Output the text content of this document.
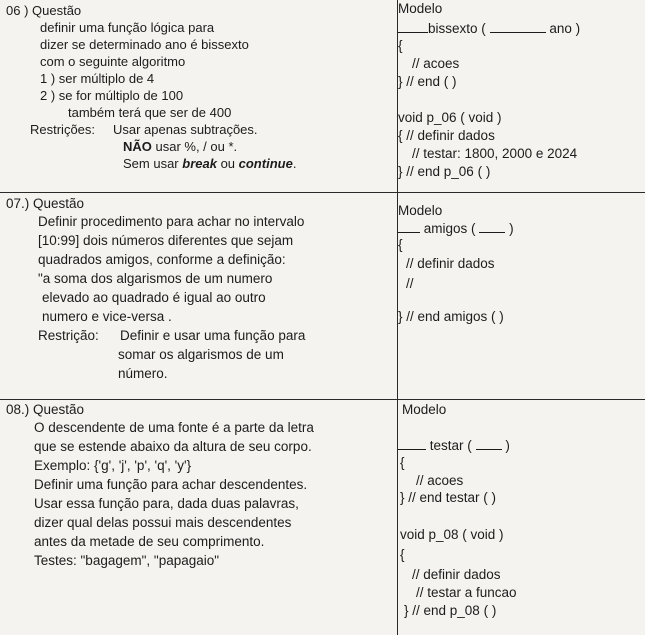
06 ) Questão
definir uma função lógica para
dizer se determinado ano é bissexto
com o seguinte algoritmo
1 ) ser múltiplo de 4
2 ) se for múltiplo de 100
também terá que ser de 400
Restrições: Usar apenas subtrações.
NÃO usar %, / ou *.
Sem usar break ou continue.
Modelo
bissexto (	ano )
{
// acoes
} // end ( )
void p_06 ( void )
{ // definir dados
// testar: 1800, 2000 e 2024
} // end p_06 ( )
07.) Questão
Definir procedimento para achar no intervalo
[10:99] dois números diferentes que sejam
quadrados amigos, conforme a definição:
"a soma dos algarismos de um numero
elevado ao quadrado é igual ao outro
numero e vice-versa .
Restrição: Definir e usar uma função para
somar os algarismos de um
número.
Modelo
amigos ( )
{
// definir dados
//
} // end amigos ( )
08.) Questão
O descendente de uma fonte é a parte da letra
que se estende abaixo da altura de seu corpo.
Exemplo: {'g', 'j', 'p', 'q', 'y'}
Definir uma função para achar descendentes.
Usar essa função para, dada duas palavras,
dizer qual delas possui mais descendentes
antes da metade de seu comprimento.
Testes: "bagagem", "papagaio"
Modelo
testar ( )
{
// acoes
} // end testar ( )
void p_08 ( void )
{
// definir dados
// testar a funcao
} // end p_08 ( )
